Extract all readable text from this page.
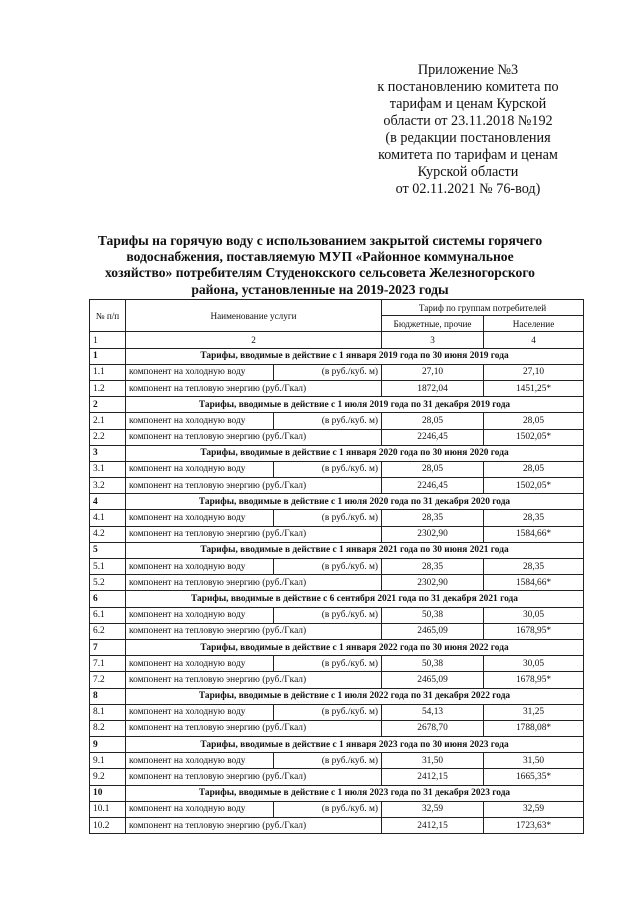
Приложение №3
к постановлению комитета по
тарифам и ценам Курской
области от 23.11.2018 №192
(в редакции постановления
комитета по тарифам и ценам
Курской области
от 02.11.2021 № 76-вод)
Тарифы на горячую воду с использованием закрытой системы горячего
водоснабжения, поставляемую МУП «Районное коммунальное
хозяйство» потребителям Студенокского сельсовета Железногорского
района, установленные на 2019-2023 годы
№ п/п	Наименование услуги		Тариф по группам потребителей	
			Бюджетные, прочие	Население
1	2		3	4
1	Тарифы, вводимые в действие с 1 января 2019 года по 30 июня 2019 года			
1.1	компонент на холодную воду	(в руб./куб. м)	27,10	27,10
1.2	компонент на тепловую энергию (руб./Гкал)		1872,04	1451,25*
2	Тарифы, вводимые в действие с 1 июля 2019 года по 31 декабря 2019 года			
2.1	компонент на холодную воду	(в руб./куб. м)	28,05	28,05
2.2	компонент на тепловую энергию (руб./Гкал)		2246,45	1502,05*
3	Тарифы, вводимые в действие с 1 января 2020 года по 30 июня 2020 года			
3.1	компонент на холодную воду	(в руб./куб. м)	28,05	28,05
3.2	компонент на тепловую энергию (руб./Гкал)		2246,45	1502,05*
4	Тарифы, вводимые в действие с 1 июля 2020 года по 31 декабря 2020 года			
4.1	компонент на холодную воду	(в руб./куб. м)	28,35	28,35
4.2	компонент на тепловую энергию (руб./Гкал)		2302,90	1584,66*
5	Тарифы, вводимые в действие с 1 января 2021 года по 30 июня 2021 года			
5.1	компонент на холодную воду	(в руб./куб. м)	28,35	28,35
5.2	компонент на тепловую энергию (руб./Гкал)		2302,90	1584,66*
6	Тарифы, вводимые в действие с 6 сентября 2021 года по 31 декабря 2021 года			
6.1	компонент на холодную воду	(в руб./куб. м)	50,38	30,05
6.2	компонент на тепловую энергию (руб./Гкал)		2465,09	1678,95*
7	Тарифы, вводимые в действие с 1 января 2022 года по 30 июня 2022 года			
7.1	компонент на холодную воду	(в руб./куб. м)	50,38	30,05
7.2	компонент на тепловую энергию (руб./Гкал)		2465,09	1678,95*
8	Тарифы, вводимые в действие с 1 июля 2022 года по 31 декабря 2022 года			
8.1	компонент на холодную воду	(в руб./куб. м)	54,13	31,25
8.2	компонент на тепловую энергию (руб./Гкал)		2678,70	1788,08*
9	Тарифы, вводимые в действие с 1 января 2023 года по 30 июня 2023 года			
9.1	компонент на холодную воду	(в руб./куб. м)	31,50	31,50
9.2	компонент на тепловую энергию (руб./Гкал)		2412,15	1665,35*
10	Тарифы, вводимые в действие с 1 июля 2023 года по 31 декабря 2023 года			
10.1	компонент на холодную воду	(в руб./куб. м)	32,59	32,59
10.2	компонент на тепловую энергию (руб./Гкал)		2412,15	1723,63*
